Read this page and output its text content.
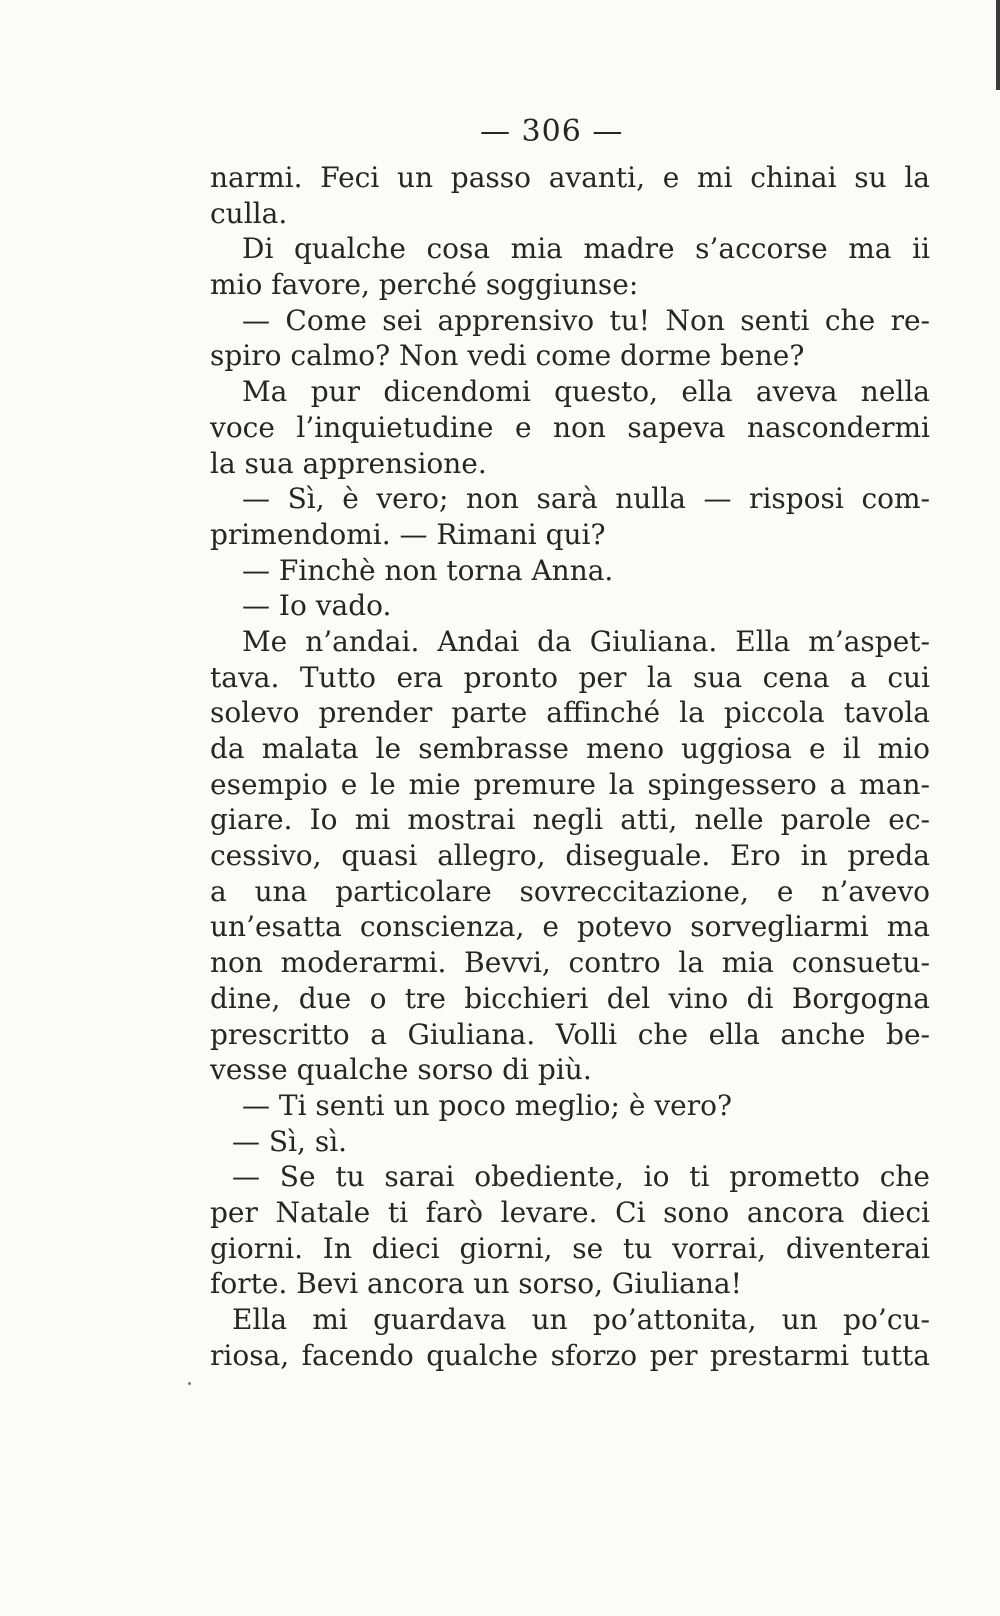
— 306 —
narmi. Feci un passo avanti, e mi chinai su la
culla.
Di qualche cosa mia madre s’accorse ma ii
mio favore, perché soggiunse:
— Come sei apprensivo tu! Non senti che re-
spiro calmo? Non vedi come dorme bene?
Ma pur dicendomi questo, ella aveva nella
voce l’inquietudine e non sapeva nascondermi
la sua apprensione.
— Sì, è vero; non sarà nulla — risposi com-
primendomi. — Rimani qui?
— Finchè non torna Anna.
— Io vado.
Me n’andai. Andai da Giuliana. Ella m’aspet-
tava. Tutto era pronto per la sua cena a cui
solevo prender parte affinché la piccola tavola
da malata le sembrasse meno uggiosa e il mio
esempio e le mie premure la spingessero a man-
giare. Io mi mostrai negli atti, nelle parole ec-
cessivo, quasi allegro, diseguale. Ero in preda
a una particolare sovreccitazione, e n’avevo
un’esatta conscienza, e potevo sorvegliarmi ma
non moderarmi. Bevvi, contro la mia consuetu-
dine, due o tre bicchieri del vino di Borgogna
prescritto a Giuliana. Volli che ella anche be-
vesse qualche sorso di più.
— Ti senti un poco meglio; è vero?
— Sì, sì.
— Se tu sarai obediente, io ti prometto che
per Natale ti farò levare. Ci sono ancora dieci
giorni. In dieci giorni, se tu vorrai, diventerai
forte. Bevi ancora un sorso, Giuliana!
Ella mi guardava un po’attonita, un po’cu-
riosa, facendo qualche sforzo per prestarmi tutta
